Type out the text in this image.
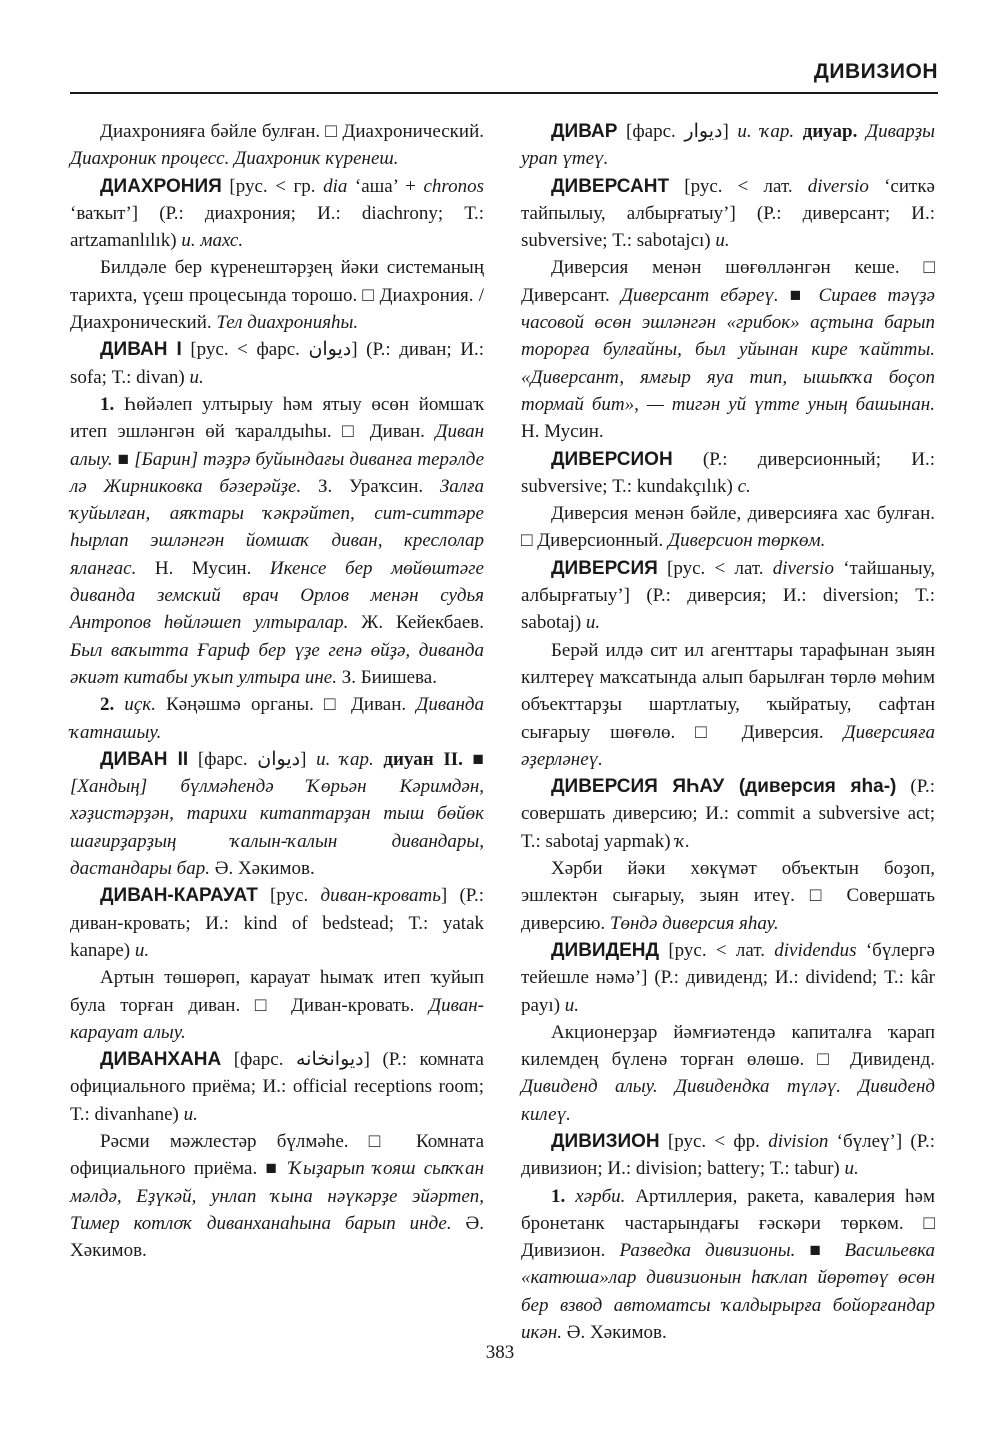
ДИВИЗИОН

Диахронияға бәйле булған. □ Диахронический. Диахроник процесс. Диахроник күренеш.

ДИАХРОНИЯ [рус. < гр. dia ‘аша’ + chronos ‘ваҡыт’] (Р.: диахрония; И.: diachrony; Т.: artzamanlılık) и. махс.

Билдәле бер күренештәрҙең йәки системаның тарихта, үҫеш процесында торошо. □ Диахрония. / Диахронический. Тел диахронияһы.

ДИВАН I [рус. < фарс. ديوان] (Р.: диван; И.: sofa; Т.: divan) и.

1. Һөйәлеп ултырыу һәм ятыу өсөн йомшаҡ итеп эшләнгән өй ҡаралдыһы. □ Диван. Диван алыу. ■ [Барин] тәҙрә буйындағы диванға терәлде лә Жирниковка бәзерәйҙе. З. Ураҡсин. Залға ҡуйылған, аяҡтары ҡәкрәйтеп, сит-ситтәре һырлап эшләнгән йомшаҡ диван, креслолар яланғас. Н. Мусин. Икенсе бер мөйөштәге диванда земский врач Орлов менән судья Антропов һөйләшеп ултыралар. Ж. Кейекбаев. Был ваҡытта Ғариф бер үҙе генә өйҙә, диванда әкиәт китабы уҡып ултыра ине. З. Биишева.

2. иҫк. Кәңәшмә органы. □ Диван. Диванда ҡатнашыу.

ДИВАН II [фарс. ديوان] и. ҡар. диуан II. ■ [Хандың] бүлмәһендә Ҡөрьән Кәримдән, хәҙистәрҙән, тарихи китаптарҙан тыш бөйөк шағирҙарҙың ҡалын-ҡалын дивандары, дастандары бар. Ә. Хәкимов.

ДИВАН-КАРАУАТ [рус. диван-кровать] (Р.: диван-кровать; И.: kind of bedstead; Т.: yatak kanape) и.

Артын төшөрөп, карауат һымаҡ итеп ҡуйып була торған диван. □ Диван-кровать. Диван-карауат алыу.

ДИВАНХАНА [фарс. ديوانخانه] (Р.: комната официального приёма; И.: official receptions room; Т.: divanhane) и.

Рәсми мәжлестәр бүлмәһе. □ Комната официального приёма. ■ Ҡыҙарып ҡояш сыҡҡан мәлдә, Еҙүкәй, унлап ҡына нәүкәрҙе эйәртеп, Тимер котлоҡ диванханаһына барып инде. Ә. Хәкимов.

ДИВАР [фарс. ديوار] и. ҡар. диуар. Диварҙы урап үтеү.

ДИВЕРСАНТ [рус. < лат. diversio ‘ситкә тайпылыу, албырғатыу’] (Р.: диверсант; И.: subversive; Т.: sabotajcı) и.

Диверсия менән шөғөлләнгән кеше. □ Диверсант. Диверсант ебәреү. ■ Сираев тәүҙә часовой өсөн эшләнгән «грибок» аҫтына барып торорға булғайны, был уйынан кире ҡайтты. «Диверсант, ямғыр яуа тип, ышыҡҡа боҫоп тормай бит», — тигән уй үтте уның башынан. Н. Мусин.

ДИВЕРСИОН (Р.: диверсионный; И.: subversive; Т.: kundakçılık) с.

Диверсия менән бәйле, диверсияға хас булған. □ Диверсионный. Диверсион төркөм.

ДИВЕРСИЯ [рус. < лат. diversio ‘тайшаныу, албырғатыу’] (Р.: диверсия; И.: diversion; Т.: sabotaj) и.

Берәй илдә сит ил агенттары тарафынан зыян килтереү маҡсатында алып барылған төрлө мөһим объекттарҙы шартлатыу, ҡыйратыу, сафтан сығарыу шөғөлө. □ Диверсия. Диверсияға әҙерләнеү.

ДИВЕРСИЯ ЯҺАУ (диверсия яһа-) (Р.: совершать диверсию; И.: commit a subversive act; Т.: sabotaj yapmak) ҡ.

Хәрби йәки хөкүмәт объектын боҙоп, эшлектән сығарыу, зыян итеү. □ Совершать диверсию. Төндә диверсия яһау.

ДИВИДЕНД [рус. < лат. dividendus ‘бүлергә тейешле нәмә’] (Р.: дивиденд; И.: dividend; Т.: kâr payı) и.

Акционерҙар йәмғиәтендә капиталға ҡарап килемдең бүленә торған өлөшө. □ Дивиденд. Дивиденд алыу. Дивидендка түләү. Дивиденд килеү.

ДИВИЗИОН [рус. < фр. division ‘бүлеү’] (Р.: дивизион; И.: division; battery; Т.: tabur) и.

1. хәрби. Артиллерия, ракета, кавалерия һәм бронетанк частарындағы ғәскәри төркөм. □ Дивизион. Разведка дивизионы. ■ Васильевка «катюша»лар дивизионын һаҡлап йөрөтөү өсөн бер взвод автоматсы ҡалдырырға бойорғандар икән. Ә. Хәкимов.

383
